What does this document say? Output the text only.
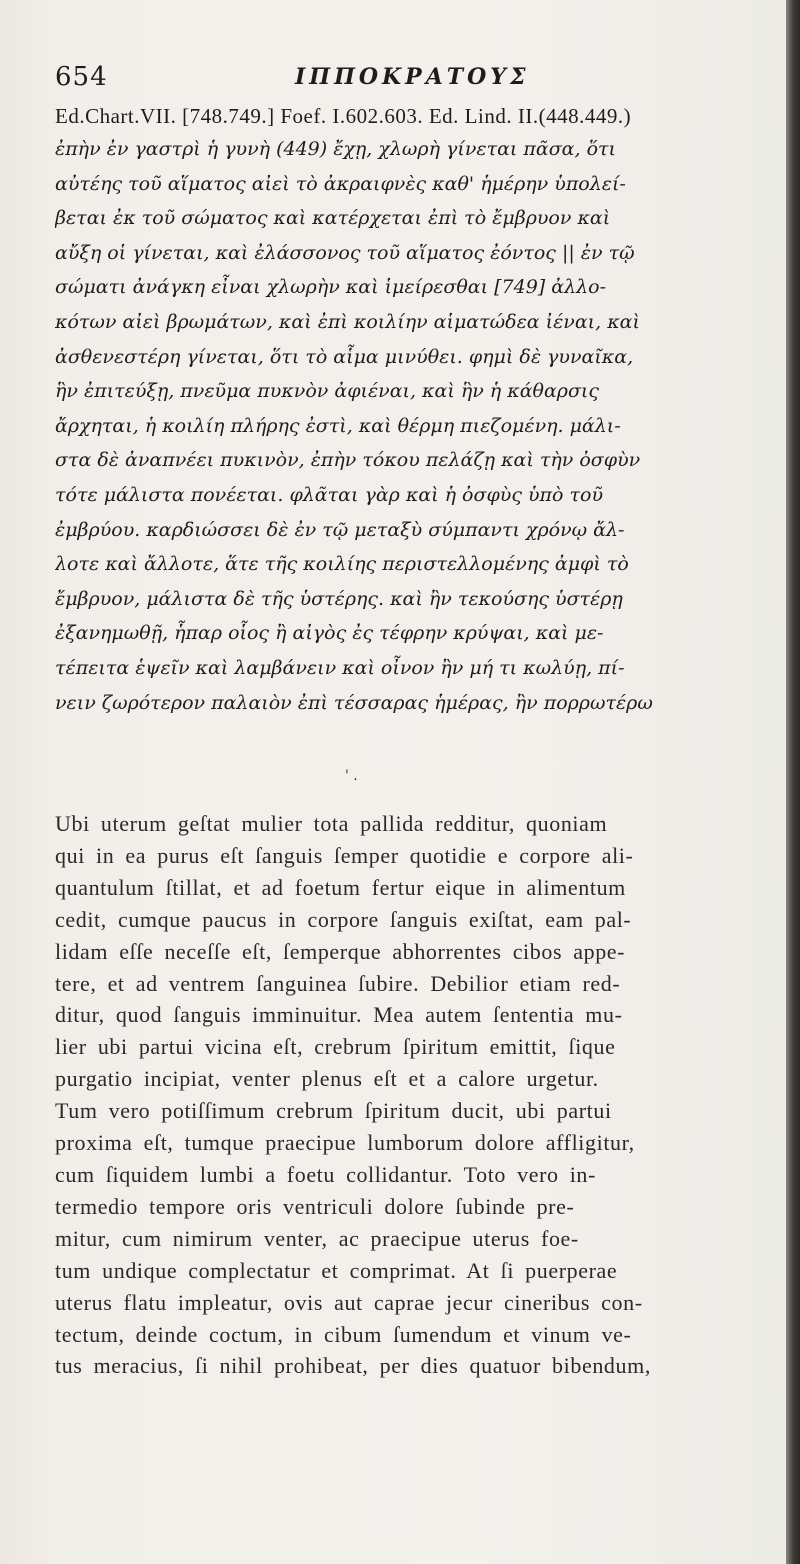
654	ΙΠΠΟΚΡΑΤΟΥΣ
Ed.Chart.VII. [748.749.] Foef. I.602.603. Ed. Lind. II.(448.449.)
ἐπὴν ἐν γαστρὶ ἡ γυνὴ (449) ἔχῃ, χλωρὴ γίνεται πᾶσα, ὅτι
αὐτέης τοῦ αἵματος αἰεὶ τὸ ἀκραιφνὲς καθ' ἡμέρην ὑπολεί-
βεται ἐκ τοῦ σώματος καὶ κατέρχεται ἐπὶ τὸ ἔμβρυον καὶ
αὔξη οἱ γίνεται, καὶ ἐλάσσονος τοῦ αἵματος ἐόντος || ἐν τῷ
σώματι ἀνάγκη εἶναι χλωρὴν καὶ ἱμείρεσθαι [749] ἀλλο-
κότων αἰεὶ βρωμάτων, καὶ ἐπὶ κοιλίην αἱματώδεα ἰέναι, καὶ
ἀσθενεστέρη γίνεται, ὅτι τὸ αἷμα μινύθει. φημὶ δὲ γυναῖκα,
ἣν ἐπιτεύξῃ, πνεῦμα πυκνὸν ἀφιέναι, καὶ ἣν ἡ κάθαρσις
ἄρχηται, ἡ κοιλίη πλήρης ἐστὶ, καὶ θέρμη πιεζομένη. μάλι-
στα δὲ ἀναπνέει πυκινὸν, ἐπὴν τόκου πελάζῃ καὶ τὴν ὀσφὺν
τότε μάλιστα πονέεται. φλᾶται γὰρ καὶ ἡ ὀσφὺς ὑπὸ τοῦ
ἐμβρύου. καρδιώσσει δὲ ἐν τῷ μεταξὺ σύμπαντι χρόνῳ ἄλ-
λοτε καὶ ἄλλοτε, ἅτε τῆς κοιλίης περιστελλομένης ἀμφὶ τὸ
ἔμβρυον, μάλιστα δὲ τῆς ὑστέρης. καὶ ἢν τεκούσης ὑστέρῃ
ἐξανημωθῇ, ἧπαρ οἷος ἢ αἰγὸς ἐς τέφρην κρύψαι, καὶ με-
τέπειτα ἑψεῖν καὶ λαμβάνειν καὶ οἶνον ἢν μή τι κωλύῃ, πί-
νειν ζωρότερον παλαιὸν ἐπὶ τέσσαρας ἡμέρας, ἢν πορρωτέρω
' .
Ubi uterum geſtat mulier tota pallida redditur, quoniam
qui in ea purus eſt ſanguis ſemper quotidie e corpore ali-
quantulum ſtillat, et ad foetum fertur eique in alimentum
cedit, cumque paucus in corpore ſanguis exiſtat, eam pal-
lidam eſſe neceſſe eſt, ſemperque abhorrentes cibos appe-
tere, et ad ventrem ſanguinea ſubire. Debilior etiam red-
ditur, quod ſanguis imminuitur. Mea autem ſententia mu-
lier ubi partui vicina eſt, crebrum ſpiritum emittit, ſique
purgatio incipiat, venter plenus eſt et a calore urgetur.
Tum vero potiſſimum crebrum ſpiritum ducit, ubi partui
proxima eſt, tumque praecipue lumborum dolore affligitur,
cum ſiquidem lumbi a foetu collidantur. Toto vero in-
termedio tempore oris ventriculi dolore ſubinde pre-
mitur, cum nimirum venter, ac praecipue uterus foe-
tum undique complectatur et comprimat. At ſi puerperae
uterus flatu impleatur, ovis aut caprae jecur cineribus con-
tectum, deinde coctum, in cibum ſumendum et vinum ve-
tus meracius, ſi nihil prohibeat, per dies quatuor bibendum,
